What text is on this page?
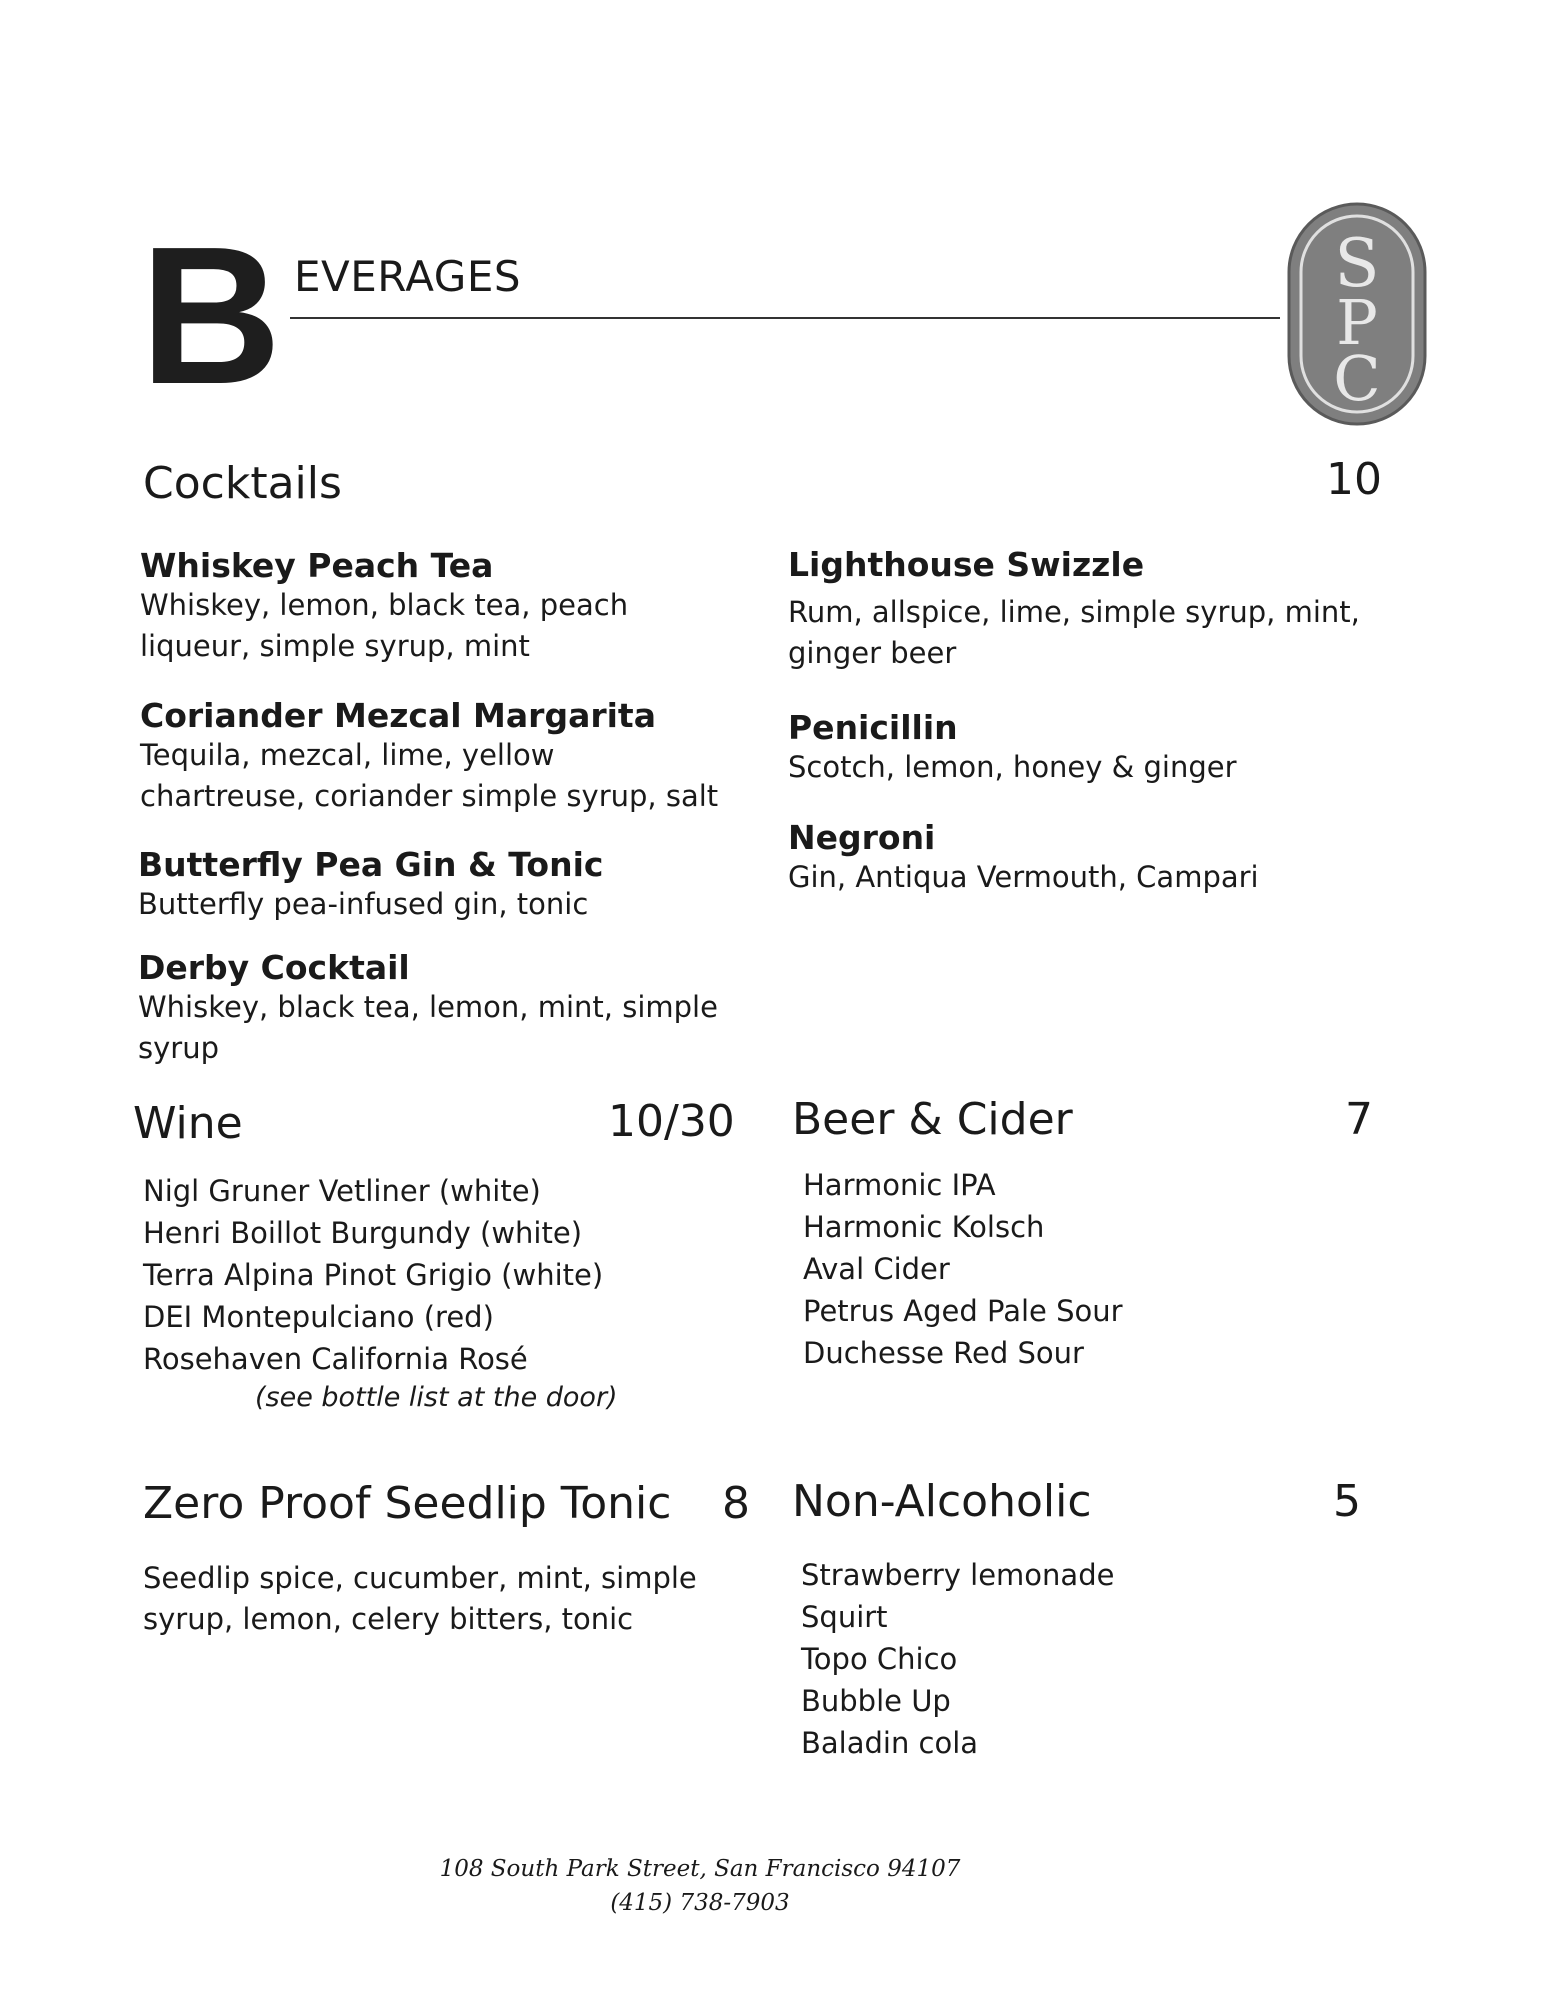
B EVERAGES	S
P
C
Cocktails	10
Whiskey Peach Tea
Whiskey, lemon, black tea, peach liqueur, simple syrup, mint
Coriander Mezcal Margarita
Tequila, mezcal, lime, yellow chartreuse, coriander simple syrup, salt
Butterfly Pea Gin & Tonic
Butterfly pea-infused gin, tonic
Derby Cocktail
Whiskey, black tea, lemon, mint, simple syrup
Lighthouse Swizzle
Rum, allspice, lime, simple syrup, mint, ginger beer
Penicillin
Scotch, lemon, honey & ginger
Negroni
Gin, Antiqua Vermouth, Campari
Wine	10/30
Nigl Gruner Vetliner (white)
Henri Boillot Burgundy (white)
Terra Alpina Pinot Grigio (white)
DEI Montepulciano (red)
Rosehaven California Rosé
(see bottle list at the door)
Beer & Cider	7
Harmonic IPA
Harmonic Kolsch
Aval Cider
Petrus Aged Pale Sour
Duchesse Red Sour
Zero Proof Seedlip Tonic 8
Seedlip spice, cucumber, mint, simple syrup, lemon, celery bitters, tonic
Non-Alcoholic	5
Strawberry lemonade
Squirt
Topo Chico
Bubble Up
Baladin cola
108 South Park Street, San Francisco 94107
(415) 738-7903
